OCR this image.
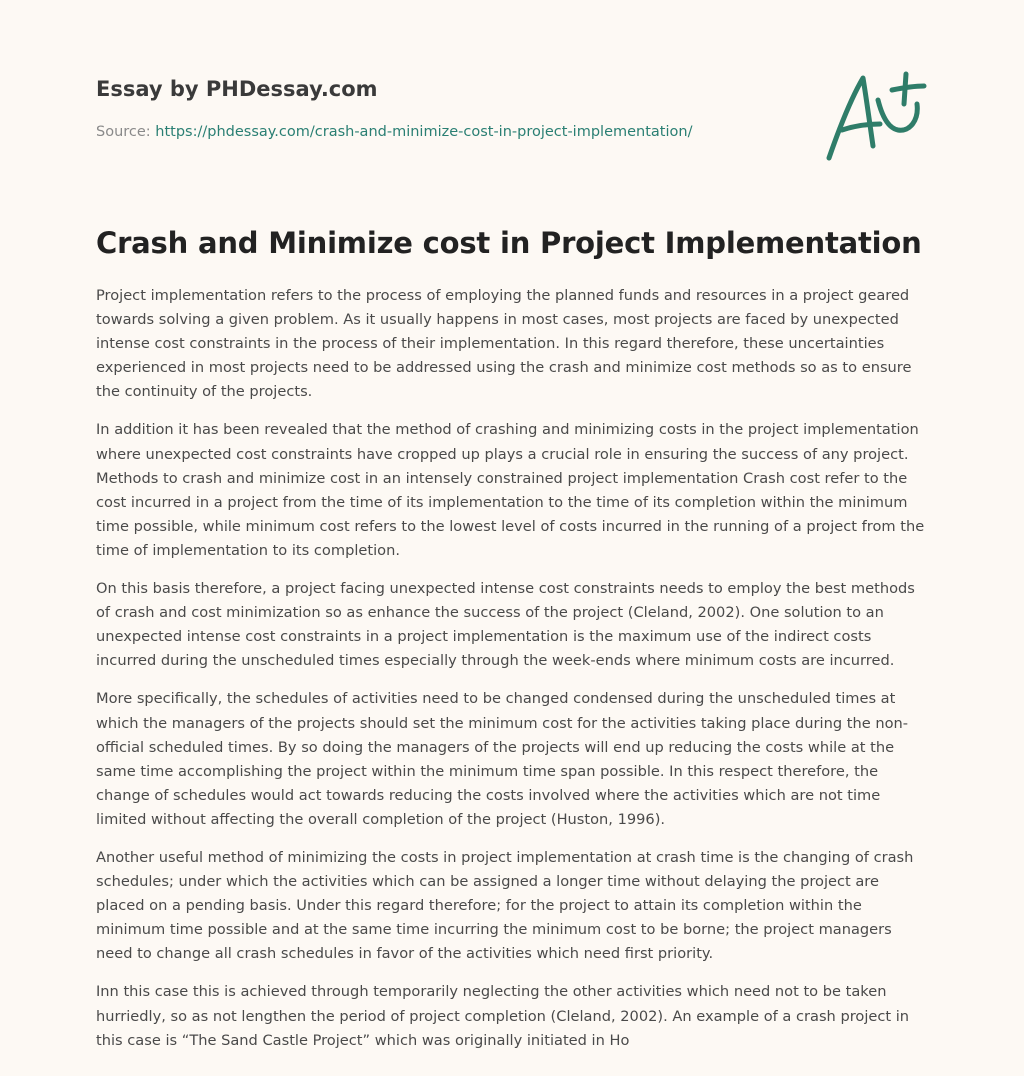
Essay by PHDessay.com

Source: https://phdessay.com/crash-and-minimize-cost-in-project-implementation/

Crash and Minimize cost in Project Implementation

Project implementation refers to the process of employing the planned funds and resources in a project geared towards solving a given problem. As it usually happens in most cases, most projects are faced by unexpected intense cost constraints in the process of their implementation. In this regard therefore, these uncertainties experienced in most projects need to be addressed using the crash and minimize cost methods so as to ensure the continuity of the projects.

In addition it has been revealed that the method of crashing and minimizing costs in the project implementation where unexpected cost constraints have cropped up plays a crucial role in ensuring the success of any project. Methods to crash and minimize cost in an intensely constrained project implementation Crash cost refer to the cost incurred in a project from the time of its implementation to the time of its completion within the minimum time possible, while minimum cost refers to the lowest level of costs incurred in the running of a project from the time of implementation to its completion.

On this basis therefore, a project facing unexpected intense cost constraints needs to employ the best methods of crash and cost minimization so as enhance the success of the project (Cleland, 2002). One solution to an unexpected intense cost constraints in a project implementation is the maximum use of the indirect costs incurred during the unscheduled times especially through the week-ends where minimum costs are incurred.

More specifically, the schedules of activities need to be changed condensed during the unscheduled times at which the managers of the projects should set the minimum cost for the activities taking place during the non-official scheduled times. By so doing the managers of the projects will end up reducing the costs while at the same time accomplishing the project within the minimum time span possible. In this respect therefore, the change of schedules would act towards reducing the costs involved where the activities which are not time limited without affecting the overall completion of the project (Huston, 1996).

Another useful method of minimizing the costs in project implementation at crash time is the changing of crash schedules; under which the activities which can be assigned a longer time without delaying the project are placed on a pending basis. Under this regard therefore; for the project to attain its completion within the minimum time possible and at the same time incurring the minimum cost to be borne; the project managers need to change all crash schedules in favor of the activities which need first priority.

Inn this case this is achieved through temporarily neglecting the other activities which need not to be taken hurriedly, so as not lengthen the period of project completion (Cleland, 2002). An example of a crash project in this case is “The Sand Castle Project” which was originally initiated in Ho
